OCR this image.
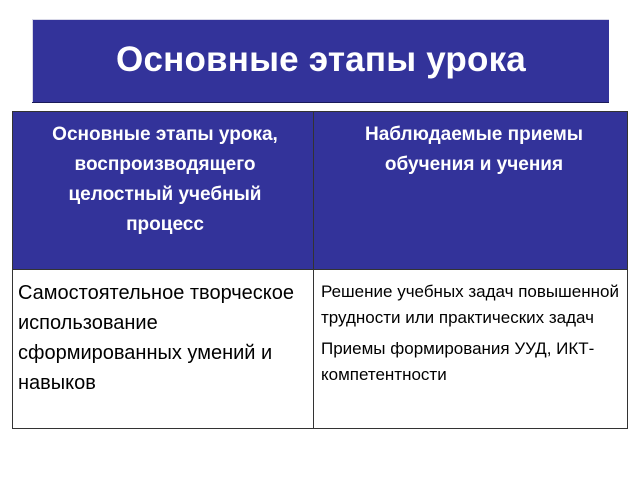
Основные этапы урока
Основные этапы урока, воспроизводящего целостный учебный процесс
Наблюдаемые приемы обучения и учения
Самостоятельное творческое использование сформированных умений и навыков
Решение учебных задач повышенной трудности или практических задач
Приемы формирования УУД, ИКТ-компетентности
